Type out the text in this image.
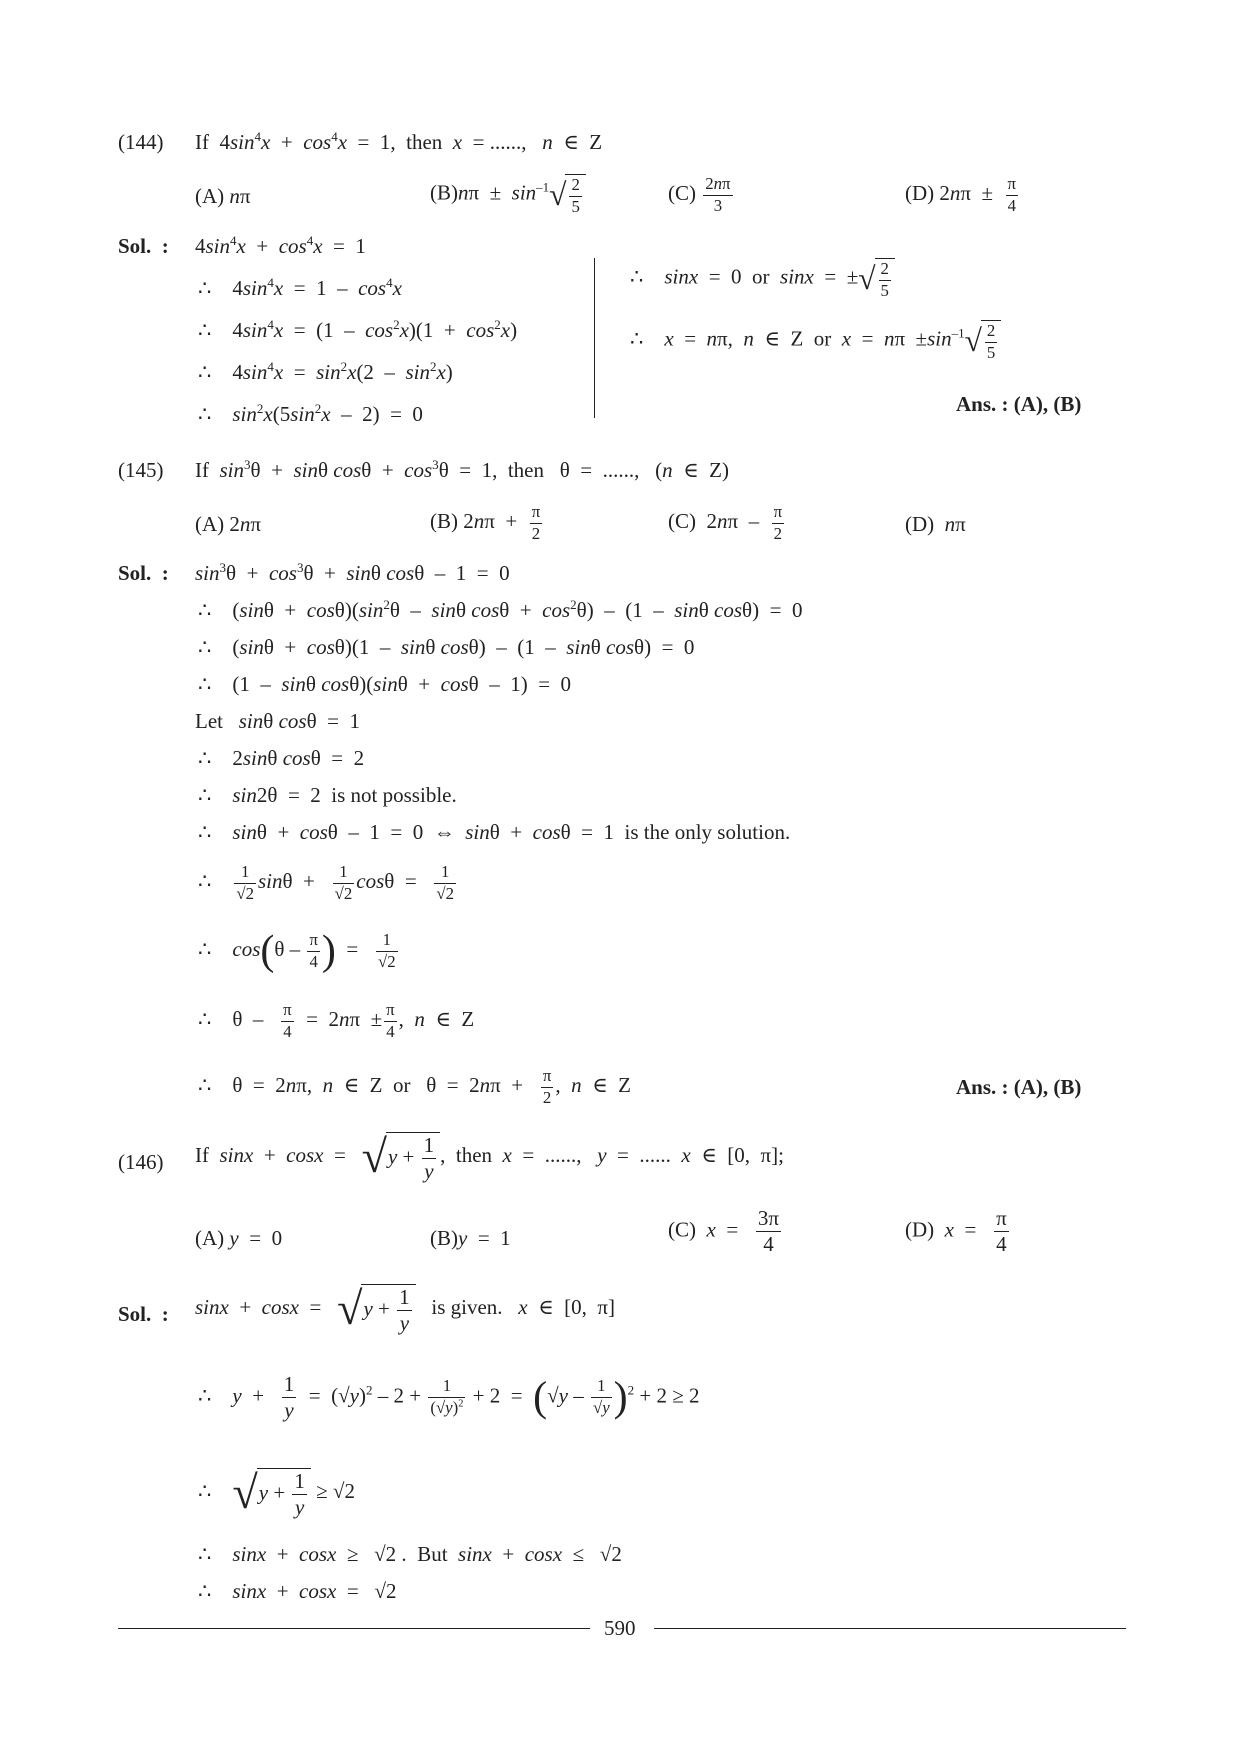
(144) If  $4\sin^4x + \cos^4x = 1$,  then  x = ......, n  ∈  Z
(A) nπ	$(B)n\pi \pm \sin^{-1}√ \frac{2}{5}$	$(C) \frac{2n\pi}{3}$	(D) $2n\pi \pm \frac{\pi}{4}$
Sol. : $4\sin^4x + \cos^4x = 1$
∴    $4\sin^4x = 1 - \cos^4x$
∴    $4\sin^4x = (1 - \cos^2x)(1 + \cos^2x)$
∴    $4\sin^4x = \sin^2x(2 - \sin^2x)$
∴    $\sin^2x(5\sin^2x - 2) = 0$
∴    sinx  =  0  or  sinx  =  ±√ $\frac{2}{5}$
∴    x  =  nπ,  n  ∈  Z  or  $x = n\pi \pm\sin^{-1}√ \frac{2}{5}$
Ans. : (A), (B)
(145) If  $\sin^3\theta + \sin\theta$ $\cos\theta + \cos^3\theta = 1$,  then   θ  =  ......,   (n  ∈  Z)
(A) 2nπ	(B) $2n\pi + \frac{\pi}{2}$	(C)  $2n\pi - \frac{\pi}{2}$	(D) nπ
Sol. : $\sin^3\theta + \cos^3\theta + \sin\theta$ cosθ  –  1  =  0
∴    $(\sin\theta + \cos\theta)(\sin^2\theta - \sin\theta$ $\cos\theta + \cos^2\theta) - (1 - \sin\theta$ cosθ)  =  0
∴    (sinθ  +  cosθ)(1  –  sinθ cosθ)  –  (1  –  sinθ cosθ)  =  0
∴    (1  –  sinθ cosθ)(sinθ  +  cosθ  –  1)  =  0
Let sinθ cosθ  =  1
∴    2sinθ cosθ  =  2
∴    sin2θ  =  2  is not possible.
∴    sinθ  +  cosθ  –  1  =  0  ⇔  sinθ  +  cosθ  =  1  is the only solution.
∴ $\frac{1}{√2}$ $\sin\theta + \frac{1}{√2}$ $\cos\theta = \frac{1}{√2}$
∴    $\cos(\theta - \frac{\pi}{4}$ )  = $\frac{1}{√2}$
∴    $\theta - \frac{\pi}{4} = 2n\pi \pm \frac{\pi}{4}$ ,  n  ∈  Z
∴    θ  =  2nπ,  n  ∈  Z  or   $\theta = 2n\pi + \frac{\pi}{2}$ ,  n  ∈  Z	Ans. : (A), (B)
(146) If  $\sin x + \cos x = √y + \frac{1}{y}$ ,  then  x  =  ......,   y  =  ......  x  ∈  [0,  π];
(A) y  =  0	(B)y  =  1	(C) $x = \frac{3\pi}{4}$	(D) $x = \frac{\pi}{4}$
Sol. : $\sin x + \cos x = √y + \frac{1}{y}$ is given. x  ∈  [0,  π]
∴    $y + \frac{1}{y} = (√y)^2 - 2 + \frac{1}{(√y)^2} + 2 = (√y - \frac{1}{√y} )^2 + 2 \ge 2$
∴    $√y + \frac{1}{y} \ge √2$
∴    sinx  +  cosx  ≥   √2 .  But sinx  +  cosx  ≤   √2
∴    sinx  +  cosx  =   √2
590
